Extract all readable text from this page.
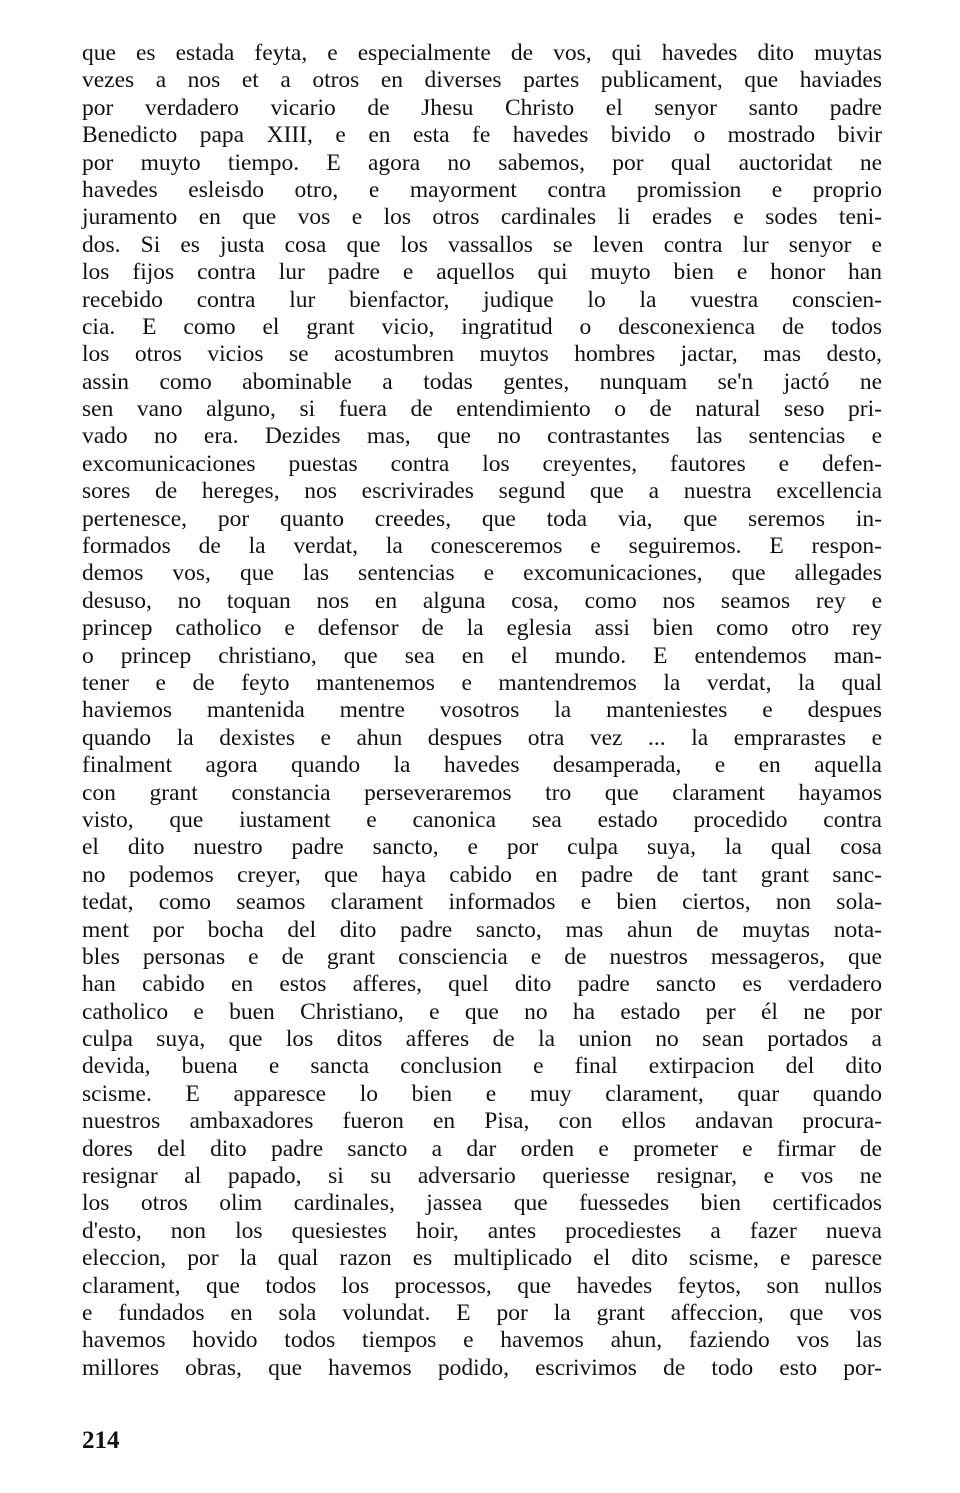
que es estada feyta, e especialmente de vos, qui havedes dito muytas
vezes a nos et a otros en diverses partes publicament, que haviades
por verdadero vicario de Jhesu Christo el senyor santo padre
Benedicto papa XIII, e en esta fe havedes bivido o mostrado bivir
por muyto tiempo. E agora no sabemos, por qual auctoridat ne
havedes esleisdo otro, e mayorment contra promission e proprio
juramento en que vos e los otros cardinales li erades e sodes teni-
dos. Si es justa cosa que los vassallos se leven contra lur senyor e
los fijos contra lur padre e aquellos qui muyto bien e honor han
recebido contra lur bienfactor, judique lo la vuestra conscien-
cia. E como el grant vicio, ingratitud o desconexienca de todos
los otros vicios se acostumbren muytos hombres jactar, mas desto,
assin como abominable a todas gentes, nunquam se'n jactó ne
sen vano alguno, si fuera de entendimiento o de natural seso pri-
vado no era. Dezides mas, que no contrastantes las sentencias e
excomunicaciones puestas contra los creyentes, fautores e defen-
sores de hereges, nos escrivirades segund que a nuestra excellencia
pertenesce, por quanto creedes, que toda via, que seremos in-
formados de la verdat, la conesceremos e seguiremos. E respon-
demos vos, que las sentencias e excomunicaciones, que allegades
desuso, no toquan nos en alguna cosa, como nos seamos rey e
princep catholico e defensor de la eglesia assi bien como otro rey
o princep christiano, que sea en el mundo. E entendemos man-
tener e de feyto mantenemos e mantendremos la verdat, la qual
haviemos mantenida mentre vosotros la manteniestes e despues
quando la dexistes e ahun despues otra vez ... la emprarastes e
finalment agora quando la havedes desamperada, e en aquella
con grant constancia perseveraremos tro que clarament hayamos
visto, que iustament e canonica sea estado procedido contra
el dito nuestro padre sancto, e por culpa suya, la qual cosa
no podemos creyer, que haya cabido en padre de tant grant sanc-
tedat, como seamos clarament informados e bien ciertos, non sola-
ment por bocha del dito padre sancto, mas ahun de muytas nota-
bles personas e de grant consciencia e de nuestros messageros, que
han cabido en estos afferes, quel dito padre sancto es verdadero
catholico e buen Christiano, e que no ha estado per él ne por
culpa suya, que los ditos afferes de la union no sean portados a
devida, buena e sancta conclusion e final extirpacion del dito
scisme. E apparesce lo bien e muy clarament, quar quando
nuestros ambaxadores fueron en Pisa, con ellos andavan procura-
dores del dito padre sancto a dar orden e prometer e firmar de
resignar al papado, si su adversario queriesse resignar, e vos ne
los otros olim cardinales, jassea que fuessedes bien certificados
d'esto, non los quesiestes hoir, antes procediestes a fazer nueva
eleccion, por la qual razon es multiplicado el dito scisme, e paresce
clarament, que todos los processos, que havedes feytos, son nullos
e fundados en sola volundat. E por la grant affeccion, que vos
havemos hovido todos tiempos e havemos ahun, faziendo vos las
millores obras, que havemos podido, escrivimos de todo esto por-
214
